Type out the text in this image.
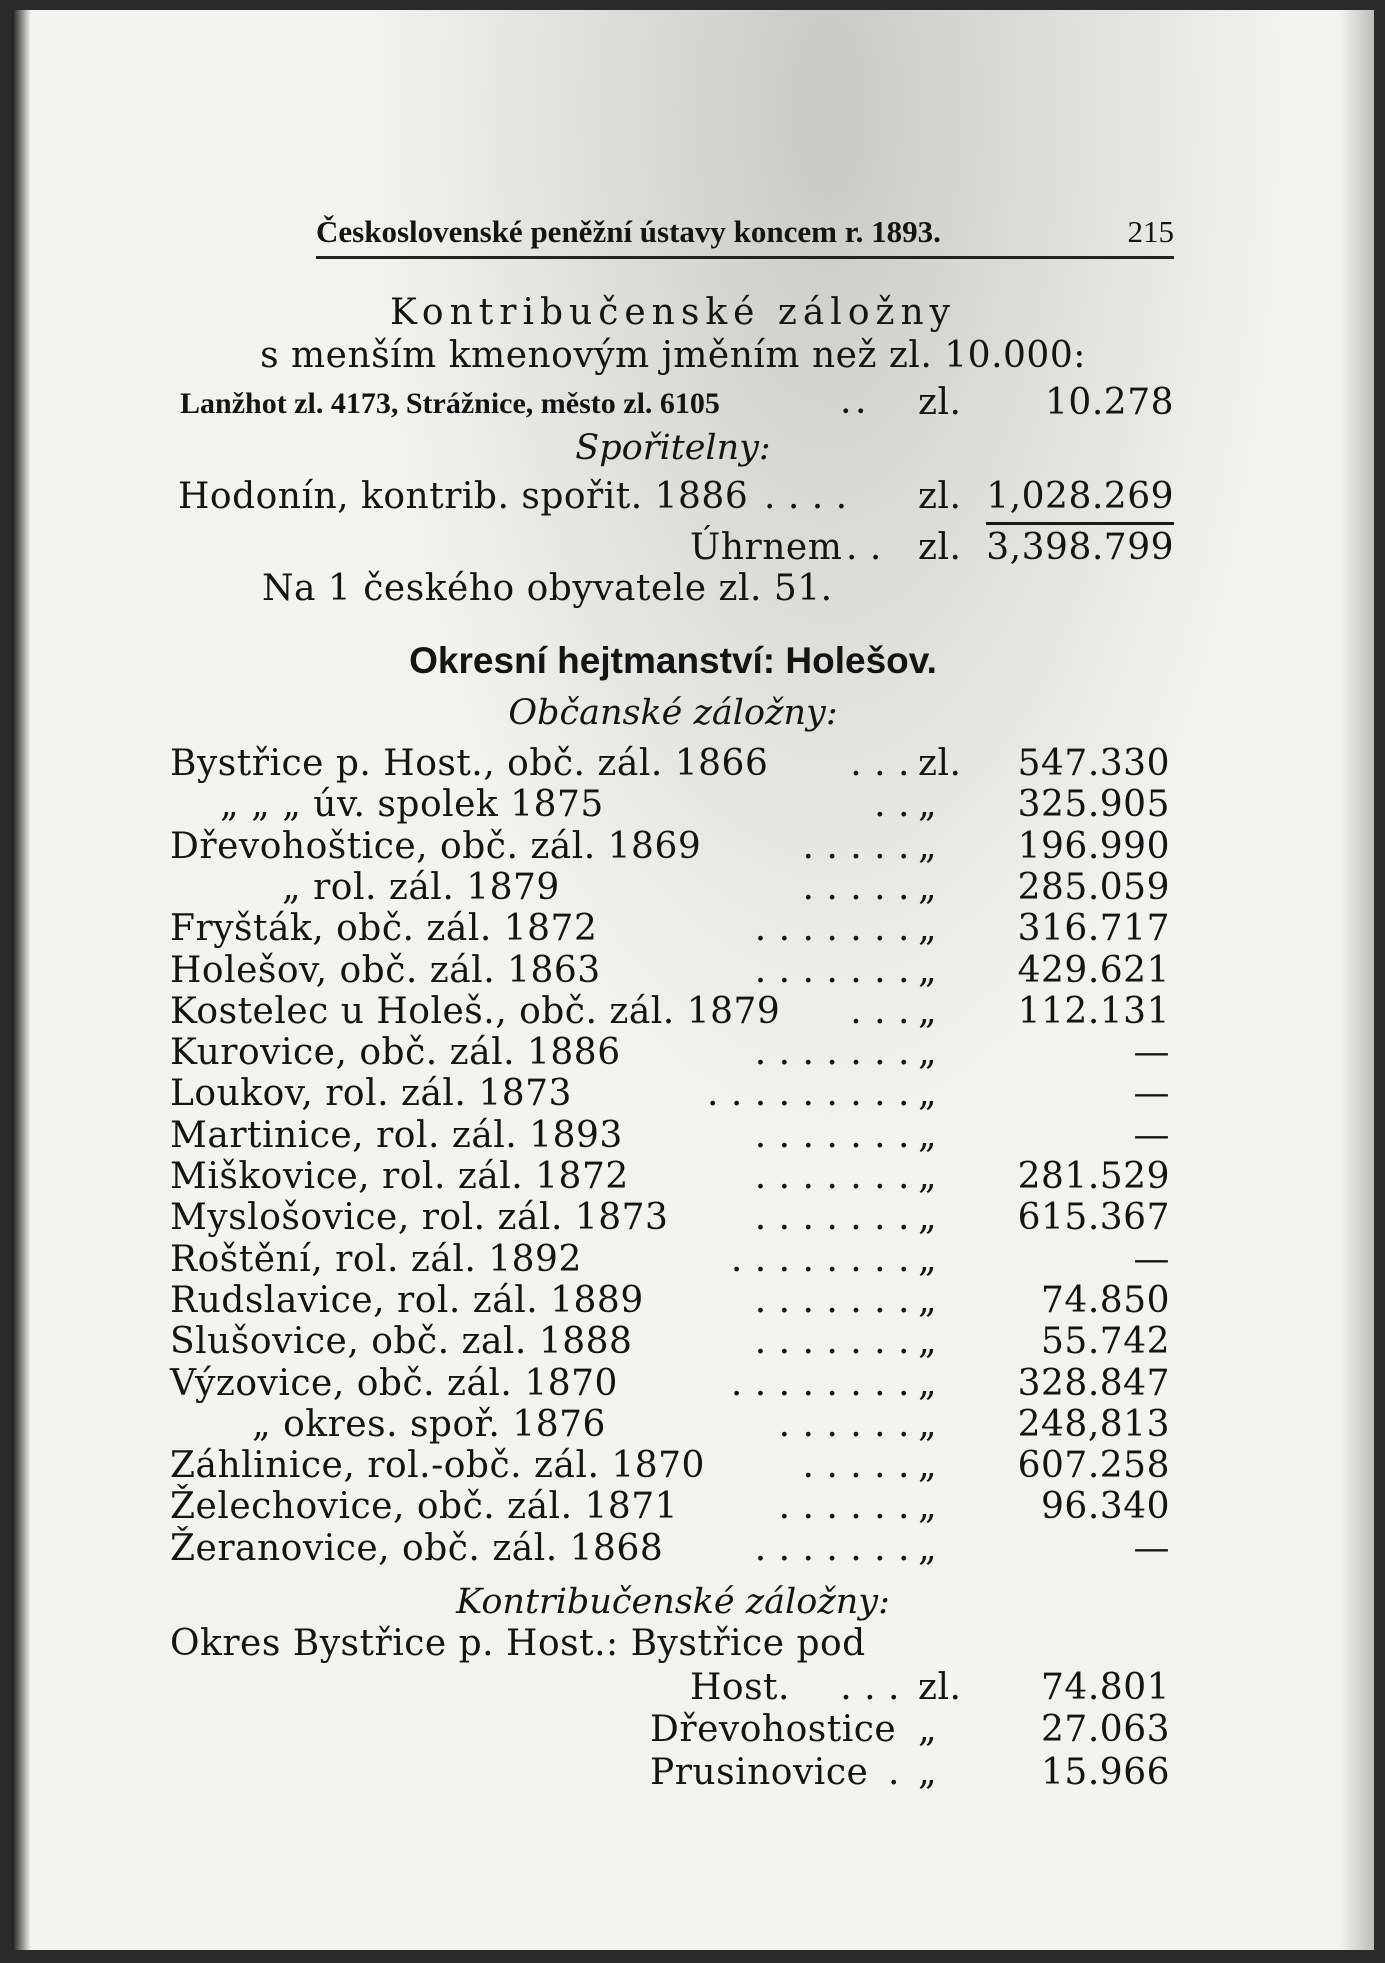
Československé peněžní ústavy koncem r. 1893.	215
Kontribučenské záložny
s menším kmenovým jměním než zl. 10.000:
Lanžhot zl. 4173, Strážnice, město zl. 6105	. . zl. 10.278
Spořitelny:
Hodonín, kontrib. spořit. 1886 . . . . zl. 1,028.269
Úhrnem . . zl. 3,398.799
Na 1 českého obyvatele zl. 51.
Okresní hejtmanství: Holešov.
Občanské záložny:
Bystřice p. Host., obč. zál. 1866	. . . zl. 547.330
„ „ „ úv. spolek 1875	. . „ 325.905
Dřevohoštice, obč. zál. 1869	. . . . . „ 196.990
„ rol. zál. 1879	. . . . . „ 285.059
Fryšták, obč. zál. 1872	. . . . . . . „ 316.717
Holešov, obč. zál. 1863	. . . . . . . „ 429.621
Kostelec u Holeš., obč. zál. 1879	. . . „ 112.131
Kurovice, obč. zál. 1886	. . . . . . . „	—
Loukov, rol. zál. 1873	. . . . . . . . . „	—
Martinice, rol. zál. 1893	. . . . . . . „	—
Miškovice, rol. zál. 1872	. . . . . . . „ 281.529
Myslošovice, rol. zál. 1873	. . . . . . . „ 615.367
Roštění, rol. zál. 1892	. . . . . . . . „	—
Rudslavice, rol. zál. 1889	. . . . . . . „	74.850
Slušovice, obč. zal. 1888	. . . . . . . „	55.742
Výzovice, obč. zál. 1870	. . . . . . . . „ 328.847
„ okres. spoř. 1876	. . . . . . „ 248,813
Záhlinice, rol.-obč. zál. 1870	. . . . . „ 607.258
Želechovice, obč. zál. 1871	. . . . . . „	96.340
Žeranovice, obč. zál. 1868	. . . . . . . „	—
Kontribučenské záložny:
Okres Bystřice p. Host.: Bystřice pod
Host.	. . . zl. 74.801
Dřevohostice „	27.063
Prusinovice . „	15.966
